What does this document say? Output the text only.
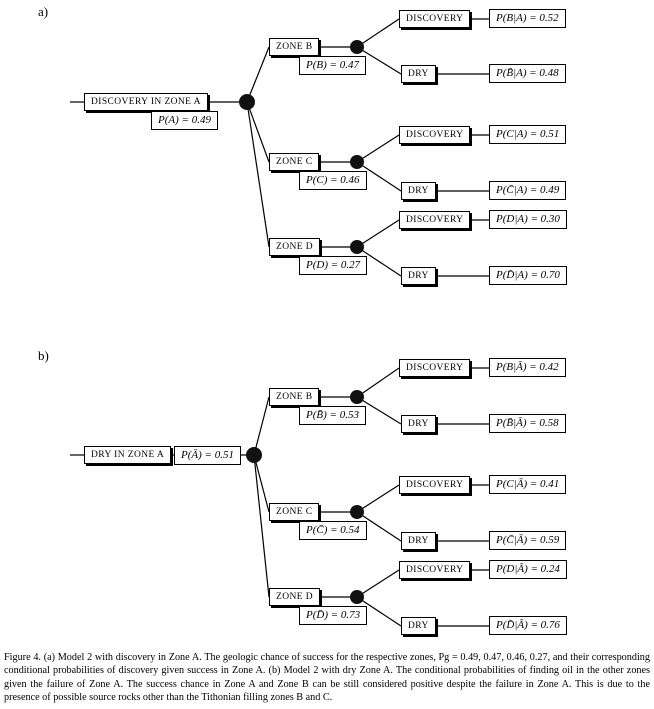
a)
DISCOVERY IN ZONE A
P(A) = 0.49
ZONE B
P(B) = 0.47
DISCOVERY	P(B|A) = 0.52
DRY	P(B̄|A) = 0.48
ZONE C
P(C) = 0.46
DISCOVERY	P(C|A) = 0.51
DRY	P(C̄|A) = 0.49
ZONE D
P(D) = 0.27
DISCOVERY	P(D|A) = 0.30
DRY	P(D̄|A) = 0.70
b)
DRY IN ZONE A	P(Ā) = 0.51
ZONE B
P(B̄) = 0.53
DISCOVERY	P(B|Ā) = 0.42
DRY	P(B̄|Ā) = 0.58
ZONE C
P(C̄) = 0.54
DISCOVERY	P(C|Ā) = 0.41
DRY	P(C̄|Ā) = 0.59
ZONE D
P(D̄) = 0.73
DISCOVERY	P(D|Ā) = 0.24
DRY	P(D̄|Ā) = 0.76
Figure 4. (a) Model 2 with discovery in Zone A. The geologic chance of success for the respective zones, Pg = 0.49, 0.47, 0.46, 0.27, and their corresponding conditional probabilities of discovery given success in Zone A. (b) Model 2 with dry Zone A. The conditional probabilities of finding oil in the other zones given the failure of Zone A. The success chance in Zone A and Zone B can be still considered positive despite the failure in Zone A. This is due to the presence of possible source rocks other than the Tithonian filling zones B and C.
